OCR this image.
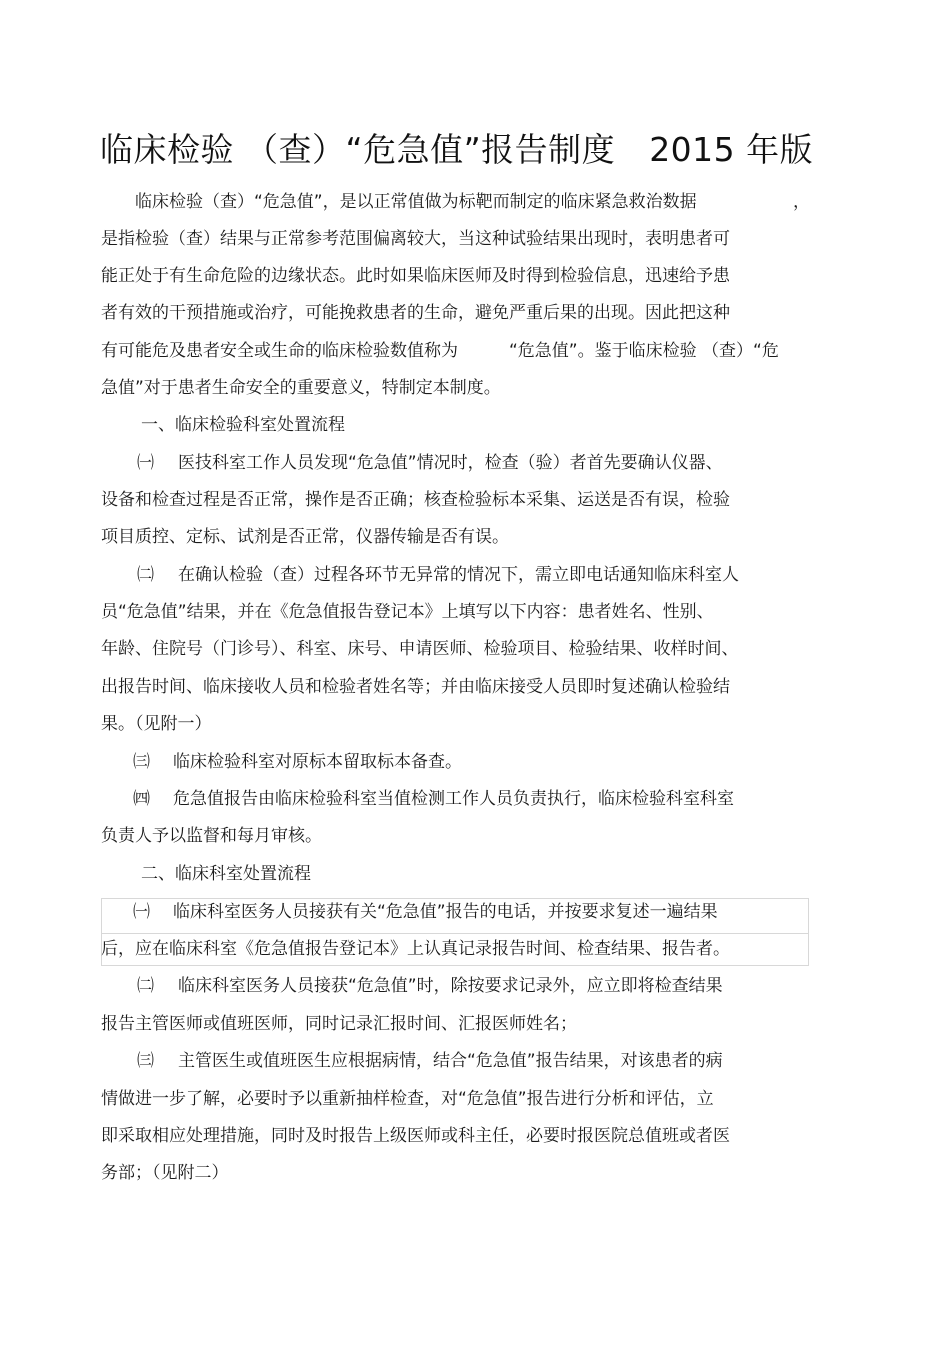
临床检验 （查）“危急值”报告制度 2015 年版
临床检验（查）“危急值”，是以正常值做为标靶而制定的临床紧急救治数据	，
是指检验（查）结果与正常参考范围偏离较大，当这种试验结果出现时，表明患者可
能正处于有生命危险的边缘状态。此时如果临床医师及时得到检验信息，迅速给予患
者有效的干预措施或治疗，可能挽救患者的生命，避免严重后果的出现。因此把这种
有可能危及患者安全或生命的临床检验数值称为	“危急值”。鉴于临床检验 （查）“危
急值”对于患者生命安全的重要意义，特制定本制度。
一、临床检验科室处置流程
㈠ 医技科室工作人员发现“危急值”情况时，检查（验）者首先要确认仪器、
设备和检查过程是否正常，操作是否正确；核查检验标本采集、运送是否有误，检验
项目质控、定标、试剂是否正常，仪器传输是否有误。
㈡ 在确认检验（查）过程各环节无异常的情况下，需立即电话通知临床科室人
员“危急值”结果，并在《危急值报告登记本》上填写以下内容：患者姓名、性别、
年龄、住院号（门诊号）、科室、床号、申请医师、检验项目、检验结果、收样时间、
出报告时间、临床接收人员和检验者姓名等；并由临床接受人员即时复述确认检验结
果。（见附一）
㈢ 临床检验科室对原标本留取标本备查。
㈣ 危急值报告由临床检验科室当值检测工作人员负责执行，临床检验科室科室
负责人予以监督和每月审核。
二、临床科室处置流程
㈠ 临床科室医务人员接获有关“危急值”报告的电话，并按要求复述一遍结果
后，应在临床科室《危急值报告登记本》上认真记录报告时间、检查结果、报告者。
㈡ 临床科室医务人员接获“危急值”时，除按要求记录外，应立即将检查结果
报告主管医师或值班医师，同时记录汇报时间、汇报医师姓名；
㈢ 主管医生或值班医生应根据病情，结合“危急值”报告结果，对该患者的病
情做进一步了解，必要时予以重新抽样检查，对“危急值”报告进行分析和评估，立
即采取相应处理措施，同时及时报告上级医师或科主任，必要时报医院总值班或者医
务部；（见附二）
